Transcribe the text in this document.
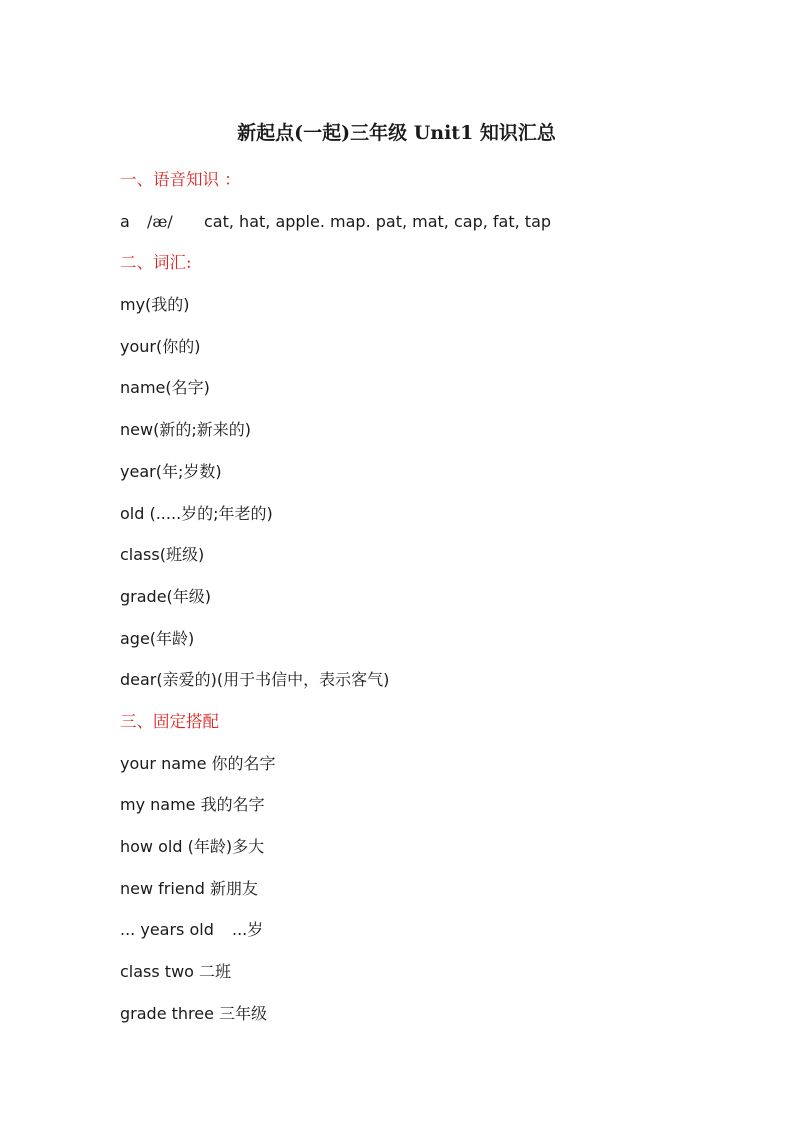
新起点(一起)三年级 Unit1 知识汇总
一、语音知识 ：
a /æ/ cat, hat, apple. map. pat, mat, cap, fat, tap
二、词汇:
my(我的)
your(你的)
name(名字)
new(新的;新来的)
year(年;岁数)
old (.....岁的;年老的)
class(班级)
grade(年级)
age(年龄)
dear(亲爱的)(用于书信中，表示客气)
三、固定搭配
your name 你的名字
my name 我的名字
how old (年龄)多大
new friend 新朋友
... years old ...岁
class two 二班
grade three 三年级
